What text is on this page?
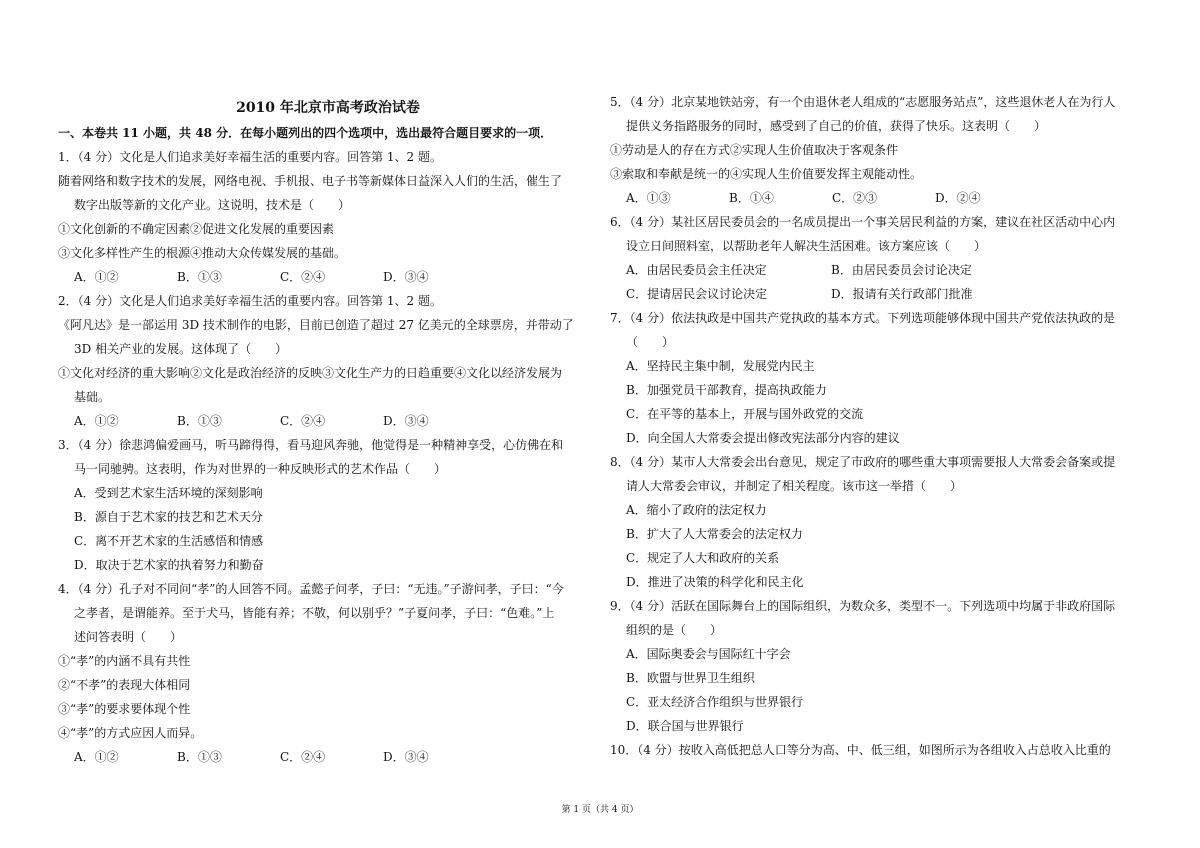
2010 年北京市高考政治试卷
一、本卷共 11 小题，共 48 分．在每小题列出的四个选项中，选出最符合题目要求的一项．
1．（4 分）文化是人们追求美好幸福生活的重要内容。回答第 1、2 题。
随着网络和数字技术的发展，网络电视、手机报、电子书等新媒体日益深入人们的生活，催生了
数字出版等新的文化产业。这说明，技术是（　　）
①文化创新的不确定因素②促进文化发展的重要因素
③文化多样性产生的根源④推动大众传媒发展的基础。
A．①②	B．①③	C．②④	D．③④
2．（4 分）文化是人们追求美好幸福生活的重要内容。回答第 1、2 题。
《阿凡达》是一部运用 3D 技术制作的电影，目前已创造了超过 27 亿美元的全球票房，并带动了
3D 相关产业的发展。这体现了（　　）
①文化对经济的重大影响②文化是政治经济的反映③文化生产力的日趋重要④文化以经济发展为
基础。
A．①②	B．①③	C．②④	D．③④
3．（4 分）徐悲鸿偏爱画马，听马蹄得得，看马迎风奔驰，他觉得是一种精神享受，心仿佛在和
马一同驰骋。这表明，作为对世界的一种反映形式的艺术作品（　　）
A．受到艺术家生活环境的深刻影响
B．源自于艺术家的技艺和艺术天分
C．离不开艺术家的生活感悟和情感
D．取决于艺术家的执着努力和勤奋
4．（4 分）孔子对不同问“孝”的人回答不同。孟懿子问孝，子曰：“无违。”子游问孝，子曰：“今
之孝者，是谓能养。至于犬马，皆能有养；不敬，何以别乎？”子夏问孝，子曰：“色难。”上
述问答表明（　　）
①“孝”的内涵不具有共性
②“不孝”的表现大体相同
③“孝”的要求要体现个性
④“孝”的方式应因人而异。
A．①②	B．①③	C．②④	D．③④
5．（4 分）北京某地铁站旁，有一个由退休老人组成的“志愿服务站点”，这些退休老人在为行人
提供义务指路服务的同时，感受到了自己的价值，获得了快乐。这表明（　　）
①劳动是人的存在方式②实现人生价值取决于客观条件
③索取和奉献是统一的④实现人生价值要发挥主观能动性。
A．①③	B．①④	C．②③	D．②④
6．（4 分）某社区居民委员会的一名成员提出一个事关居民利益的方案，建议在社区活动中心内
设立日间照料室，以帮助老年人解决生活困难。该方案应该（　　）
A．由居民委员会主任决定	B．由居民委员会讨论决定
C．提请居民会议讨论决定	D．报请有关行政部门批准
7．（4 分）依法执政是中国共产党执政的基本方式。下列选项能够体现中国共产党依法执政的是
（　　）
A．坚持民主集中制，发展党内民主
B．加强党员干部教育，提高执政能力
C．在平等的基本上，开展与国外政党的交流
D．向全国人大常委会提出修改宪法部分内容的建议
8．（4 分）某市人大常委会出台意见，规定了市政府的哪些重大事项需要报人大常委会备案或提
请人大常委会审议，并制定了相关程度。该市这一举措（　　）
A．缩小了政府的法定权力
B．扩大了人大常委会的法定权力
C．规定了人大和政府的关系
D．推进了决策的科学化和民主化
9．（4 分）活跃在国际舞台上的国际组织，为数众多，类型不一。下列选项中均属于非政府国际
组织的是（　　）
A．国际奥委会与国际红十字会
B．欧盟与世界卫生组织
C．亚太经济合作组织与世界银行
D．联合国与世界银行
10．（4 分）按收入高低把总人口等分为高、中、低三组，如图所示为各组收入占总收入比重的
第 1 页（共 4 页）
